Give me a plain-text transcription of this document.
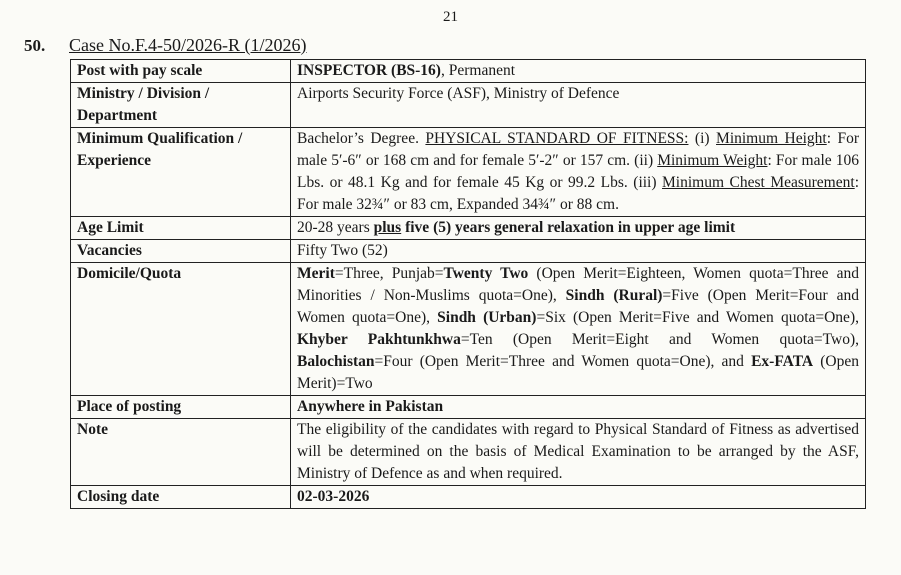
21
50. Case No.F.4-50/2026-R (1/2026)
Post with pay scale	INSPECTOR (BS-16), Permanent
Ministry / Division / Department	Airports Security Force (ASF), Ministry of Defence
Minimum Qualification / Experience	Bachelor’s Degree. PHYSICAL STANDARD OF FITNESS: (i) Minimum Height: For male 5′-6″ or 168 cm and for female 5′-2″ or 157 cm. (ii) Minimum Weight: For male 106 Lbs. or 48.1 Kg and for female 45 Kg or 99.2 Lbs. (iii) Minimum Chest Measurement: For male 32¾″ or 83 cm, Expanded 34¾″ or 88 cm.
Age Limit	20-28 years plus five (5) years general relaxation in upper age limit
Vacancies	Fifty Two (52)
Domicile/Quota	Merit=Three, Punjab=Twenty Two (Open Merit=Eighteen, Women quota=Three and Minorities / Non-Muslims quota=One), Sindh (Rural)=Five (Open Merit=Four and Women quota=One), Sindh (Urban)=Six (Open Merit=Five and Women quota=One), Khyber Pakhtunkhwa=Ten (Open Merit=Eight and Women quota=Two), Balochistan=Four (Open Merit=Three and Women quota=One), and Ex-FATA (Open Merit)=Two
Place of posting	Anywhere in Pakistan
Note	The eligibility of the candidates with regard to Physical Standard of Fitness as advertised will be determined on the basis of Medical Examination to be arranged by the ASF, Ministry of Defence as and when required.
Closing date	02-03-2026
